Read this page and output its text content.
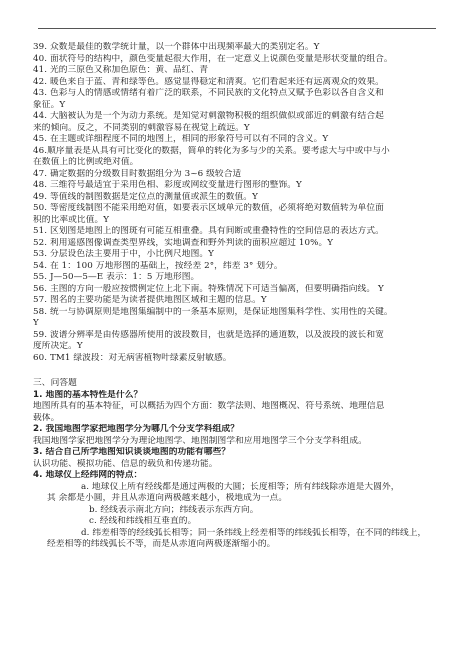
39. 众数是最佳的数学统计量，以一个群体中出现频率最大的类别定名。Y
40. 面状符号的结构中，颜色变量起很大作用，在一定意义上说颜色变量是形状变量的组合。
41. 光的三原色又称加色原色：黄、品红、青
42. 暖色来自于蓝、青和绿等色。感觉显得稳定和清爽。它们看起来还有远离观众的效果。
43. 色彩与人的情感或情绪有着广泛的联系，不同民族的文化特点又赋予色彩以各自含义和
象征。Y
44. 大脑被认为是一个为动力系统。是知觉对刺激物积极的组织做似或部近的刺激有结合起
来的倾向。反之，不同类别的刺激容易在视觉上疏远。Y
45. 在主题或详细程度不同的地图上，相同的形象符号可以有不同的含义。Y
46.顺序量表是从具有可比变化的数据，简单的转化为多与少的关系。要考虑大与中或中与小
在数值上的比例或绝对值。
47. 确定数据的分级数目时数据组分为 3~6 级较合适
48. 三维符号最适宜于采用色相、彩度或网纹变量进行图形的整饰。Y
49. 等值线的制图数据是定位点的测量值或派生的数值。Y
50. 等密度线制图不能采用绝对值，如要表示区域单元的数值，必须将绝对数值转为单位面
积的比率或比值。Y
51. 区划图是地图上的图斑有可能互相重叠。具有间断或重叠特性的空间信息的表达方式。
52. 利用遥感图像调查类型界线，实地调查和野外判读的面积应超过 10%。Y
53. 分层设色法主要用于中，小比例尺地图。Y
54. 在 1：100 万地形图的基础上，按经差 2°，纬差 3° 划分。
55. J—50—5—E 表示：1：5 万地形图。
56. 主图的方向一般应按惯例定位上北下南。特殊情况下可适当偏离，但要明确指向线。 Y
57. 图名的主要功能是为读者提供地图区域和主题的信息。Y
58. 统一与协调原则是地图集编制中的一条基本原则，是保证地图集科学性、实用性的关键。
Y
59. 波谱分辨率是由传感器所使用的波段数目，也就是选择的通道数，以及波段的波长和宽
度所决定。Y
60. TM1 绿波段：对无病害植物叶绿素反射敏感。
三、问答题
1. 地图的基本特性是什么？
地图所具有的基本特征，可以概括为四个方面：数学法则、地图概况、符号系统、地理信息
载体。
2. 我国地图学家把地图学分为哪几个分支学科组成？
我国地图学家把地图学分为理论地图学、地图制图学和应用地图学三个分支学科组成。
3. 结合自己所学地图知识谈谈地图的功能有哪些？
认识功能、模拟功能、信息的载负和传递功能。
4. 地球仪上经纬网的特点：
a. 地球仪上所有经线都是通过两极的大圆；长度相等；所有纬线除赤道是大圆外，
其 余都是小圆，并且从赤道向两极越来越小，极地成为一点。
b. 经线表示南北方向；纬线表示东西方向。
c. 经线和纬线相互垂直的。
d. 纬差相等的经线弧长相等；同一条纬线上经差相等的纬线弧长相等，在不同的纬线上，
经差相等的纬线弧长不等，而是从赤道向两极逐渐缩小的。
